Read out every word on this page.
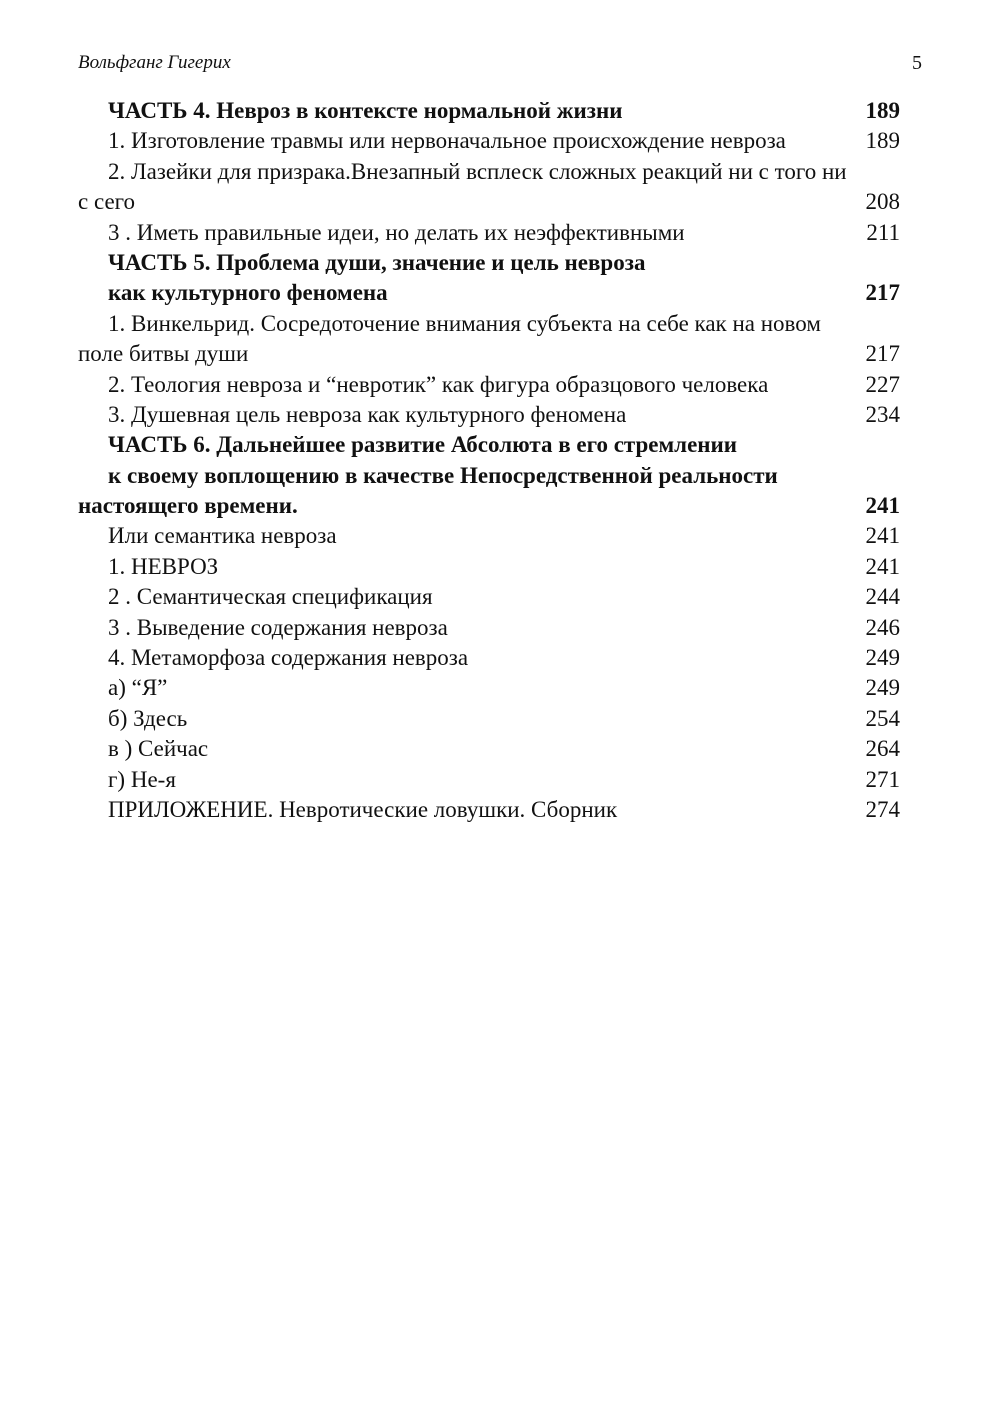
Вольфганг Гигерих	5
ЧАСТЬ 4. Невроз в контексте нормальной жизни	189
1. Изготовление травмы или нервоначальное происхождение невроза	189
2. Лазейки для призрака.Внезапный всплеск сложных реакций ни с того ни
с сего	208
3 . Иметь правильные идеи, но делать их неэффективными	211
ЧАСТЬ 5. Проблема души, значение и цель невроза
как культурного феномена	217
1. Винкельрид. Сосредоточение внимания субъекта на себе как на новом
поле битвы души	217
2. Теология невроза и “невротик” как фигура образцового человека	227
3. Душевная цель невроза как культурного феномена	234
ЧАСТЬ 6. Дальнейшее развитие Абсолюта в его стремлении
к своему воплощению в качестве Непосредственной реальности
настоящего времени.	241
Или семантика невроза	241
1. НЕВРОЗ	241
2 . Семантическая спецификация	244
3 . Выведение содержания невроза	246
4. Метаморфоза содержания невроза	249
а) “Я”	249
б) Здесь	254
в ) Сейчас	264
г) Не-я	271
ПРИЛОЖЕНИЕ. Невротические ловушки. Сборник	274
